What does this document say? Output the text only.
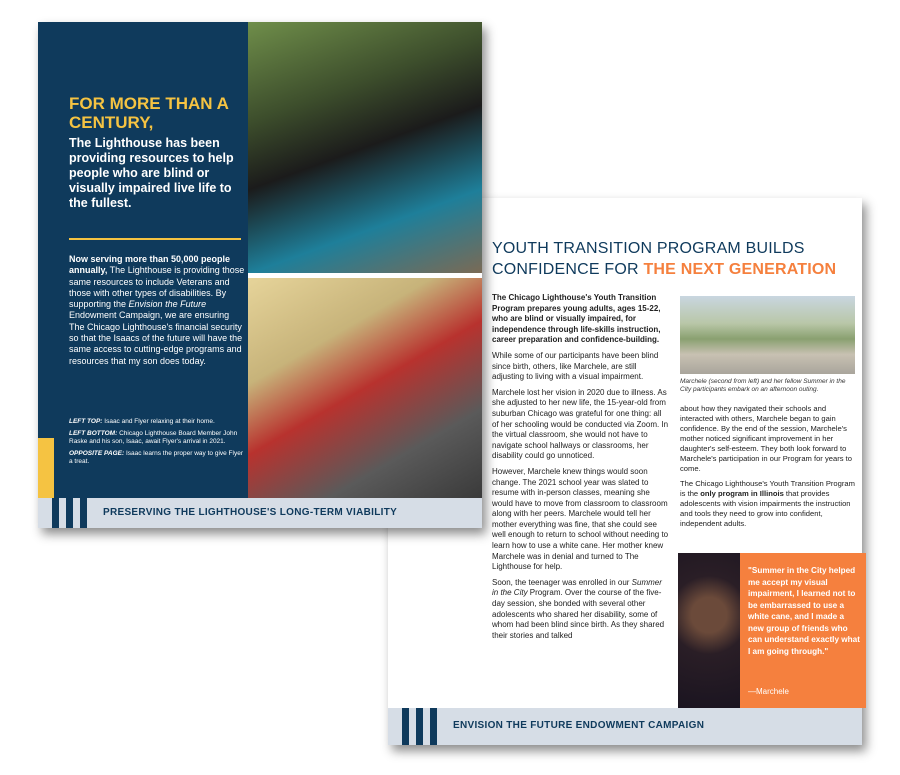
YOUTH TRANSITION PROGRAM BUILDS
CONFIDENCE FOR THE NEXT GENERATION

The Chicago Lighthouse's Youth Transition Program prepares young adults, ages 15-22, who are blind or visually impaired, for independence through life-skills instruction, career preparation and confidence-building.

While some of our participants have been blind since birth, others, like Marchele, are still adjusting to living with a visual impairment.

Marchele lost her vision in 2020 due to illness. As she adjusted to her new life, the 15-year-old from suburban Chicago was grateful for one thing: all of her schooling would be conducted via Zoom. In the virtual classroom, she would not have to navigate school hallways or classrooms, her disability could go unnoticed.

However, Marchele knew things would soon change. The 2021 school year was slated to resume with in-person classes, meaning she would have to move from classroom to classroom along with her peers. Marchele would tell her mother everything was fine, that she could see well enough to return to school without needing to learn how to use a white cane. Her mother knew Marchele was in denial and turned to The Lighthouse for help.

Soon, the teenager was enrolled in our Summer in the City Program. Over the course of the five-day session, she bonded with several other adolescents who shared her disability, some of whom had been blind since birth. As they shared their stories and talked

Marchele (second from left) and her fellow Summer in the City participants embark on an afternoon outing.

about how they navigated their schools and interacted with others, Marchele began to gain confidence. By the end of the session, Marchele's mother noticed significant improvement in her daughter's self-esteem. They both look forward to Marchele's participation in our Program for years to come.

The Chicago Lighthouse's Youth Transition Program is the only program in Illinois that provides adolescents with vision impairments the instruction and tools they need to grow into confident, independent adults.

"Summer in the City helped me accept my visual impairment, I learned not to be embarrassed to use a white cane, and I made a new group of friends who can understand exactly what I am going through."
—Marchele
ENVISION THE FUTURE ENDOWMENT CAMPAIGN
FOR MORE THAN A CENTURY,
The Lighthouse has been providing resources to help people who are blind or visually impaired live life to the fullest.
Now serving more than 50,000 people annually, The Lighthouse is providing those same resources to include Veterans and those with other types of disabilities. By supporting the Envision the Future Endowment Campaign, we are ensuring The Chicago Lighthouse's financial security so that the Isaacs of the future will have the same access to cutting-edge programs and resources that my son does today.

LEFT TOP: Isaac and Flyer relaxing at their home.

LEFT BOTTOM: Chicago Lighthouse Board Member John Raske and his son, Isaac, await Flyer's arrival in 2021.

OPPOSITE PAGE: Isaac learns the proper way to give Flyer a treat.

PRESERVING THE LIGHTHOUSE'S LONG-TERM VIABILITY
